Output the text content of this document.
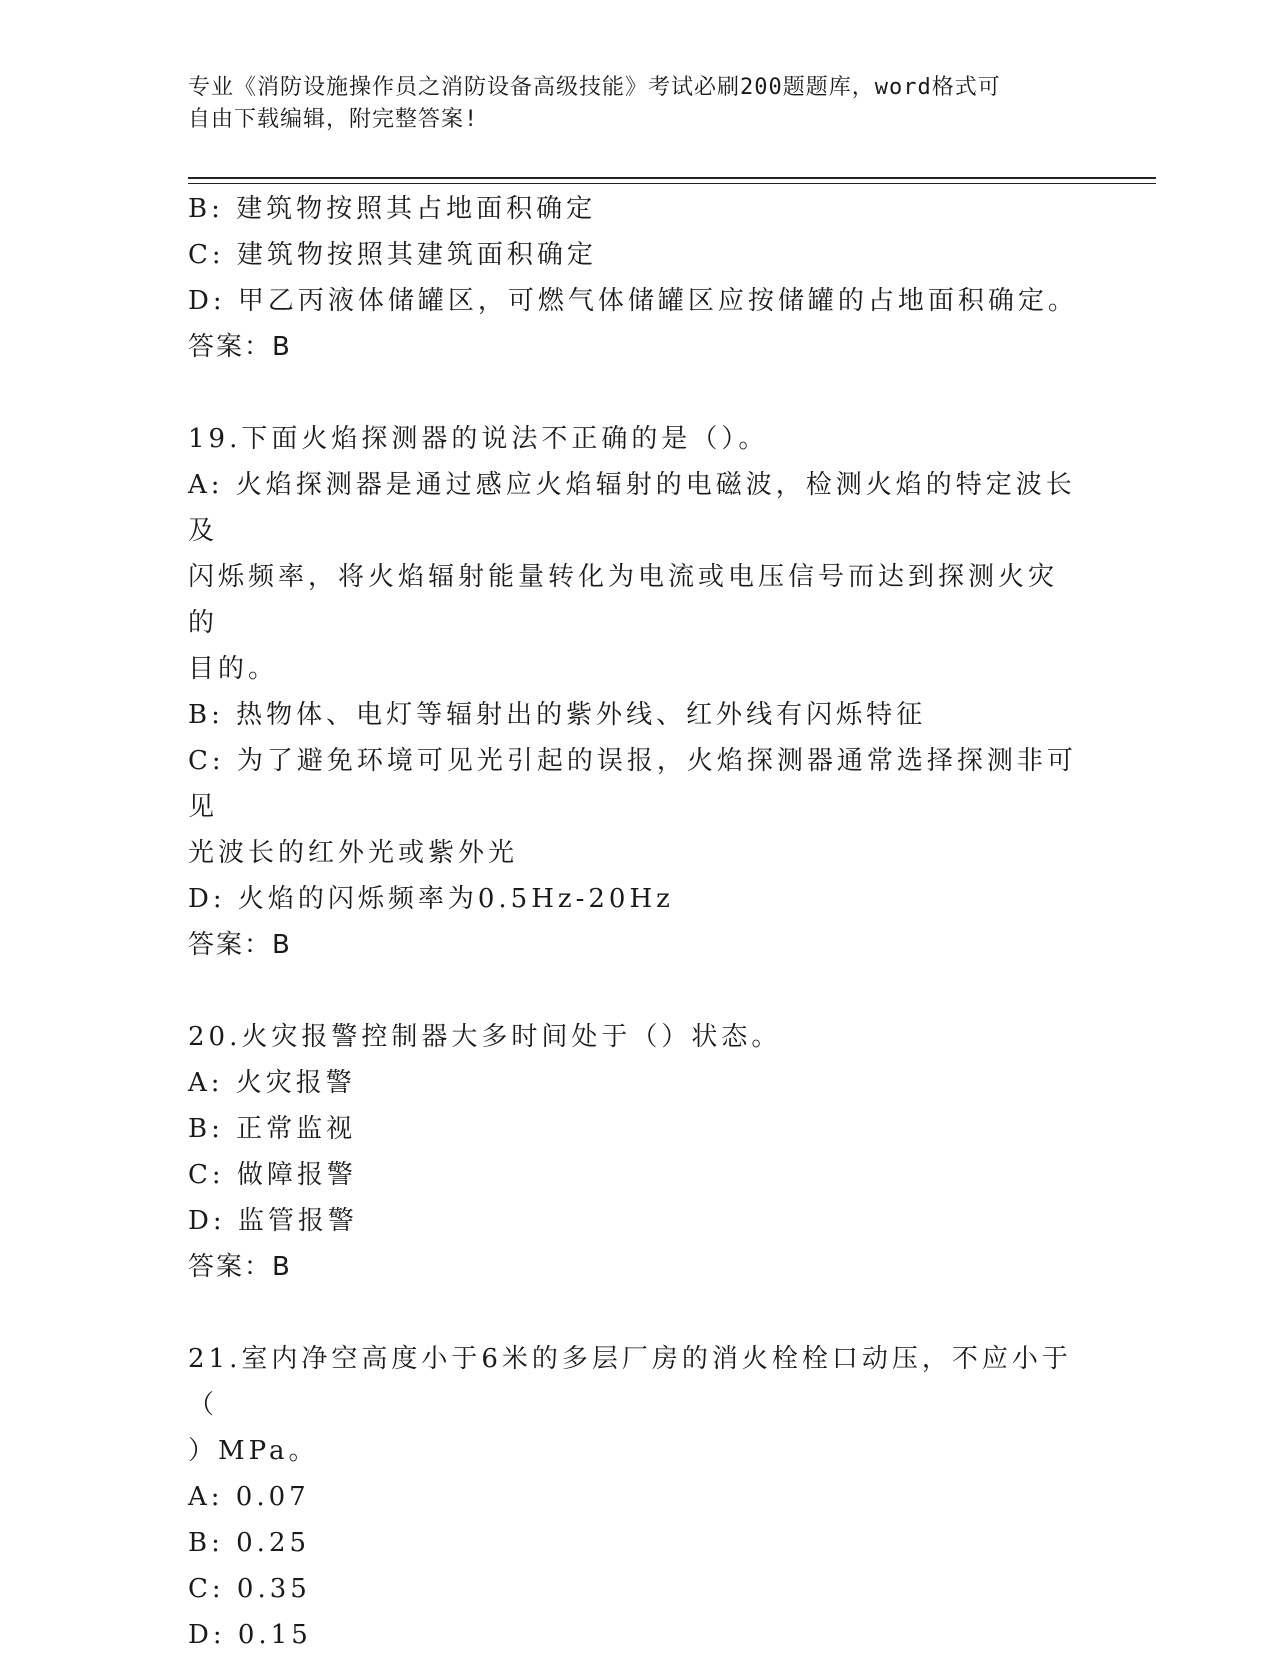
专业《消防设施操作员之消防设备高级技能》考试必刷200题题库，word格式可
自由下载编辑，附完整答案!

B: 建筑物按照其占地面积确定

C: 建筑物按照其建筑面积确定

D: 甲乙丙液体储罐区，可燃气体储罐区应按储罐的占地面积确定。

答案：B

19.下面火焰探测器的说法不正确的是（）。

A: 火焰探测器是通过感应火焰辐射的电磁波，检测火焰的特定波长及

闪烁频率，将火焰辐射能量转化为电流或电压信号而达到探测火灾的

目的。

B: 热物体、电灯等辐射出的紫外线、红外线有闪烁特征

C: 为了避免环境可见光引起的误报，火焰探测器通常选择探测非可见

光波长的红外光或紫外光

D: 火焰的闪烁频率为0.5Hz-20Hz

答案：B

20.火灾报警控制器大多时间处于（）状态。

A: 火灾报警

B: 正常监视

C: 做障报警

D: 监管报警

答案：B

21.室内净空高度小于6米的多层厂房的消火栓栓口动压，不应小于（

）MPa。

A: 0.07

B: 0.25

C: 0.35

D: 0.15
